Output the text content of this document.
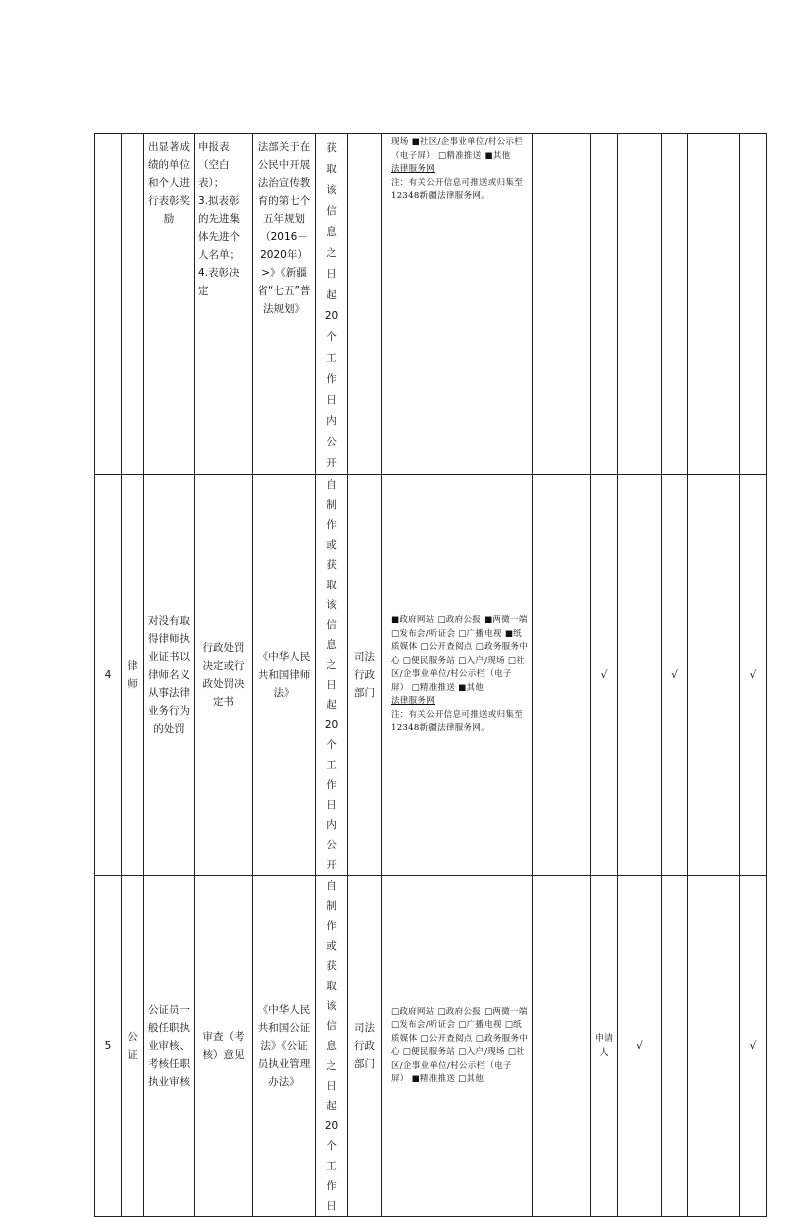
		出显著成绩的单位和个人进行表彰奖励	申报表（空白表）；
3.拟表彰的先进集体先进个人名单；
4.表彰决定	法部关于在公民中开展法治宣传教育的第七个五年规划（2016－2020年）>》《新疆省“七五”普法规划》	获取该信息之日起20个工作日内公开		现场 ■社区/企事业单位/村公示栏（电子屏） □精准推送 ■其他
法律服务网
注：有关公开信息可推送或归集至12348新疆法律服务网。						

4	律师	对没有取得律师执业证书以律师名义从事法律业务行为的处罚	行政处罚决定或行政处罚决定书	《中华人民共和国律师法》	自制作或获取该信息之日起20个工作日内公开	司法行政部门	■政府网站 □政府公报 ■两微一端 □发布会/听证会 □广播电视 ■纸质媒体 □公开查阅点 □政务服务中心 □便民服务站 □入户/现场 □社区/企事业单位/村公示栏（电子屏） □精准推送 ■其他
法律服务网
注：有关公开信息可推送或归集至12348新疆法律服务网。		√		√		√
5	公证	公证员一般任职执业审核、考核任职执业审核	审查（考核）意见	《中华人民共和国公证法》《公证员执业管理办法》	自制作或获取该信息之日起20个工作日	司法行政部门	□政府网站 □政府公报 □两微一端 □发布会/听证会 □广播电视 □纸质媒体 □公开查阅点 □政务服务中心 □便民服务站 □入户/现场 □社区/企事业单位/村公示栏（电子屏） ■精准推送 □其他		申请人	√			√
